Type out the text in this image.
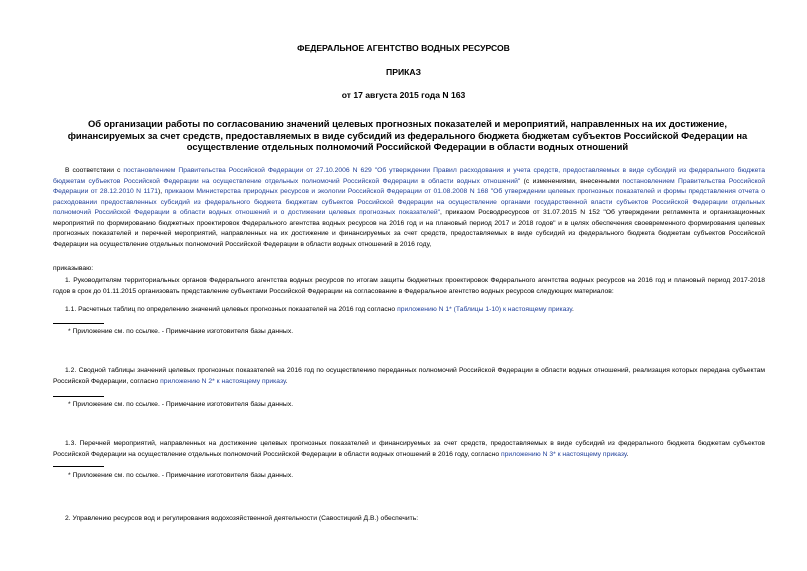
ФЕДЕРАЛЬНОЕ АГЕНТСТВО ВОДНЫХ РЕСУРСОВ
ПРИКАЗ
от 17 августа 2015 года N 163
Об организации работы по согласованию значений целевых прогнозных показателей и мероприятий, направленных на их достижение, финансируемых за счет средств, предоставляемых в виде субсидий из федерального бюджета бюджетам субъектов Российской Федерации на осуществление отдельных полномочий Российской Федерации в области водных отношений
В соответствии с постановлением Правительства Российской Федерации от 27.10.2006 N 629 "Об утверждении Правил расходования и учета средств, предоставляемых в виде субсидий из федерального бюджета бюджетам субъектов Российской Федерации на осуществление отдельных полномочий Российской Федерации в области водных отношений" (с изменениями, внесенными постановлением Правительства Российской Федерации от 28.12.2010 N 1171), приказом Министерства природных ресурсов и экологии Российской Федерации от 01.08.2008 N 168 "Об утверждении целевых прогнозных показателей и формы представления отчета о расходовании предоставленных субсидий из федерального бюджета бюджетам субъектов Российской Федерации на осуществление органами государственной власти субъектов Российской Федерации отдельных полномочий Российской Федерации в области водных отношений и о достижении целевых прогнозных показателей", приказом Росводресурсов от 31.07.2015 N 152 "Об утверждении регламента и организационных мероприятий по формированию бюджетных проектировок Федерального агентства водных ресурсов на 2016 год и на плановый период 2017 и 2018 годов" и в целях обеспечения своевременного формирования целевых прогнозных показателей и перечней мероприятий, направленных на их достижение и финансируемых за счет средств, предоставляемых в виде субсидий из федерального бюджета бюджетам субъектов Российской Федерации на осуществление отдельных полномочий Российской Федерации в области водных отношений в 2016 году,
приказываю:
1. Руководителям территориальных органов Федерального агентства водных ресурсов по итогам защиты бюджетных проектировок Федерального агентства водных ресурсов на 2016 год и плановый период 2017-2018 годов в срок до 01.11.2015 организовать представление субъектами Российской Федерации на согласование в Федеральное агентство водных ресурсов следующих материалов:
1.1. Расчетных таблиц по определению значений целевых прогнозных показателей на 2016 год согласно приложению N 1* (Таблицы 1-10) к настоящему приказу.
* Приложение см. по ссылке. - Примечание изготовителя базы данных.
1.2. Сводной таблицы значений целевых прогнозных показателей на 2016 год по осуществлению переданных полномочий Российской Федерации в области водных отношений, реализация которых передана субъектам Российской Федерации, согласно приложению N 2* к настоящему приказу.
* Приложение см. по ссылке. - Примечание изготовителя базы данных.
1.3. Перечней мероприятий, направленных на достижение целевых прогнозных показателей и финансируемых за счет средств, предоставляемых в виде субсидий из федерального бюджета бюджетам субъектов Российской Федерации на осуществление отдельных полномочий Российской Федерации в области водных отношений в 2016 году, согласно приложению N 3* к настоящему приказу.
* Приложение см. по ссылке. - Примечание изготовителя базы данных.
2. Управлению ресурсов вод и регулирования водохозяйственной деятельности (Савостицкий Д.В.) обеспечить:
